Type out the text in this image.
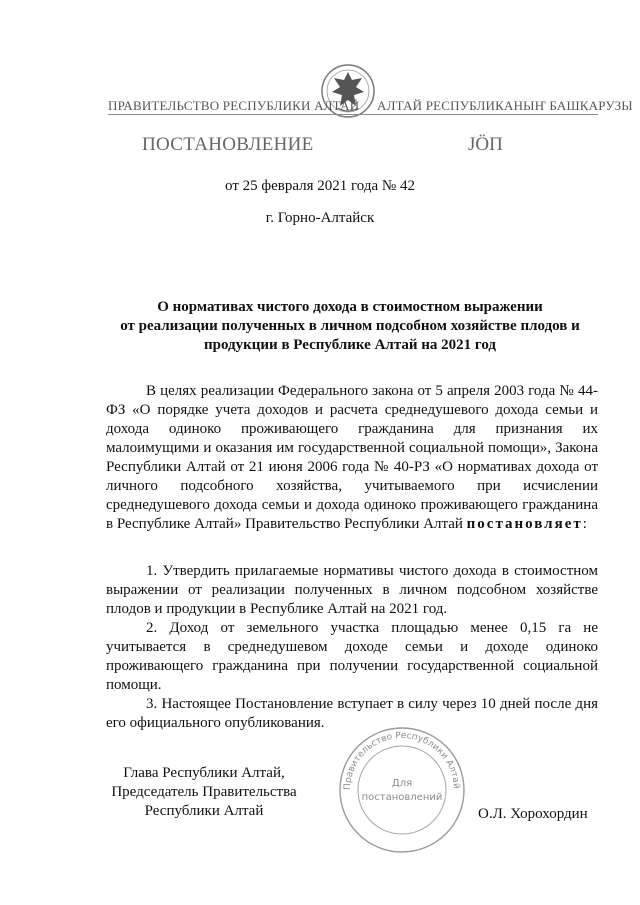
ПРАВИТЕЛЬСТВО РЕСПУБЛИКИ АЛТАЙ АЛТАЙ РЕСПУБЛИКАНЫҤ БАШКАРУЗЫ
ПОСТАНОВЛЕНИЕ	ЈӦП
от 25 февраля 2021 года № 42
г. Горно-Алтайск
О нормативах чистого дохода в стоимостном выражении
от реализации полученных в личном подсобном хозяйстве плодов и
продукции в Республике Алтай на 2021 год
В целях реализации Федерального закона от 5 апреля 2003 года № 44-ФЗ «О порядке учета доходов и расчета среднедушевого дохода семьи и дохода одиноко проживающего гражданина для признания их малоимущими и оказания им государственной социальной помощи», Закона Республики Алтай от 21 июня 2006 года № 40-РЗ «О нормативах дохода от личного подсобного хозяйства, учитываемого при исчислении среднедушевого дохода семьи и дохода одиноко проживающего гражданина в Республике Алтай» Правительство Республики Алтай постановляет:
1. Утвердить прилагаемые нормативы чистого дохода в стоимостном выражении от реализации полученных в личном подсобном хозяйстве плодов и продукции в Республике Алтай на 2021 год.
2. Доход от земельного участка площадью менее 0,15 га не учитывается в среднедушевом доходе семьи и доходе одиноко проживающего гражданина при получении государственной социальной помощи.
3. Настоящее Постановление вступает в силу через 10 дней после дня его официального опубликования.
Глава Республики Алтай,
Председатель Правительства
Республики Алтай
Правительство Республики Алтай
Для
постановлений
О.Л. Хорохордин
